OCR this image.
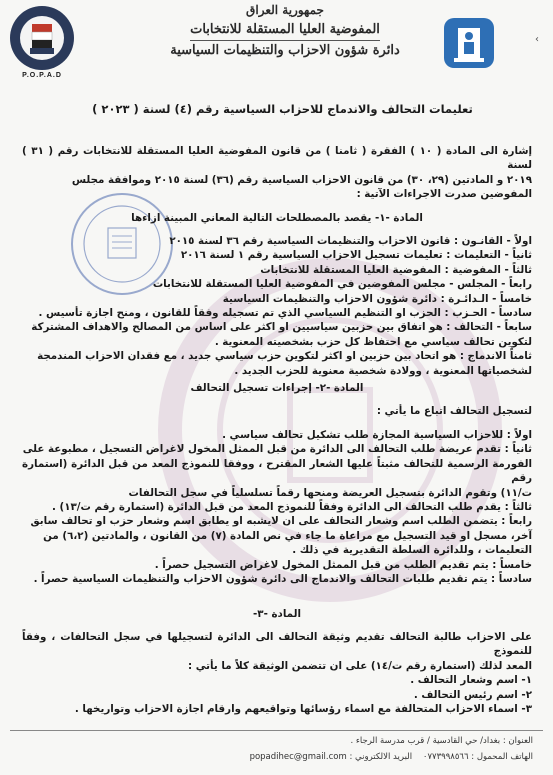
P.O.P.A.D
جمهورية العراق
المفوضية العليا المستقلة للانتخابات
دائرة شؤون الاحزاب والتنظيمات السياسية
›
تعليمات التحالف والاندماج للاحزاب السياسية رقم (٤) لسنة ( ٢٠٢٣ )

إشارة الى المادة ( ١٠ ) الفقرة ( ثامنا ) من قانون المفوضية العليا المستقلة للانتخابات رقم ( ٣١ ) لسنة

٢٠١٩ و المادتين (٢٩، ٣٠) من قانون الاحزاب السياسية رقم (٣٦) لسنة ٢٠١٥ وموافقة مجلس

المفوضين صدرت الاجراءات الآتية :

المادة -١- يقصد بالمصطلحات التالية المعاني المبينة ازاءها

اولاً - القانـون : قانون الاحزاب والتنظيمات السياسية رقم ٣٦ لسنة ٢٠١٥

ثانياً - التعليمات : تعليمات تسجيل الاحزاب السياسية رقم ١ لسنة ٢٠١٦

ثالثاً - المفوضية : المفوضية العليا المستقلة للانتخابات

رابعاً - المجلس - مجلس المفوضين في المفوضية العليا المستقلة للانتخابات

خامساً - الـدائـرة : دائرة شؤون الاحزاب والتنظيمات السياسية

سادساً - الحـزب : الحزب او التنظيم السياسي الذي تم تسجيله وفقاً للقانون ، ومنح اجازة تأسيس .

سابعاً - التحالف : هو اتفاق بين حزبين سياسيين او اكثر على اساس من المصالح والاهداف المشتركة

لتكوين تحالف سياسي مع احتفاظ كل حزب بشخصيته المعنوية .

ثامناً الاندماج : هو اتحاد بين حزبين او اكثر لتكوين حزب سياسي جديد ، مع فقدان الاحزاب المندمجة

لشخصياتها المعنوية ، وولادة شخصية معنوية للحزب الجديد .

المادة -٢- إجراءات تسجيل التحالف

لتسجيل التحالف اتباع ما يأتي :

اولاً : للاحزاب السياسية المجازة طلب تشكيل تحالف سياسي .

ثانياً : تقدم عريضة طلب التحالف الى الدائرة من قبل الممثل المخول لاغراض التسجيل ، مطبوعة على

الفورمة الرسمية للتحالف مثبتاً عليها الشعار المقترح ، ووفقا للنموذج المعد من قبل الدائرة (استمارة رقم

ت/١١) وتقوم الدائرة بتسجيل العريضة ومنحها رقماً تسلسلياً في سجل التحالفات

ثالثاً : يقدم طلب التحالف الى الدائرة وفقاً للنموذج المعد من قبل الدائرة (استمارة رقم ت/١٣) .

رابعاً : يتضمن الطلب اسم وشعار التحالف على ان لايشبه او يطابق اسم وشعار حزب او تحالف سابق

آخر، مسجل او قيد التسجيل مع مراعاة ما جاء في نص المادة (٧) من القانون ، والمادتين (٦،٢) من

التعليمات ، وللدائرة السلطة التقديرية في ذلك .

خامساً : يتم تقديم الطلب من قبل الممثل المخول لاغراض التسجيل حصراً .

سادساً : يتم تقديم طلبات التحالف والاندماج الى دائرة شؤون الاحزاب والتنظيمات السياسية حصراً .

المادة -٣-

على الاحزاب طالبة التحالف تقديم وثيقة التحالف الى الدائرة لتسجيلها في سجل التحالفات ، وفقاً للنموذج

المعد لذلك (استمارة رقم ت/١٤) على ان تتضمن الوثيقة كلاً ما يأتي :

١- اسم وشعار التحالف .

٢- اسم رئيس التحالف .

٣- اسماء الاحزاب المتحالفة مع اسماء رؤسائها وتواقيعهم وارقام اجازة الاحزاب وتواريخها .

العنوان : بغداد/ حي القادسية / قرب مدرسة الرجاء .
الهاتف المحمول : ٠٧٧٣٩٩٨٥٦٦    البريد الالكتروني : popadihec@gmail.com
